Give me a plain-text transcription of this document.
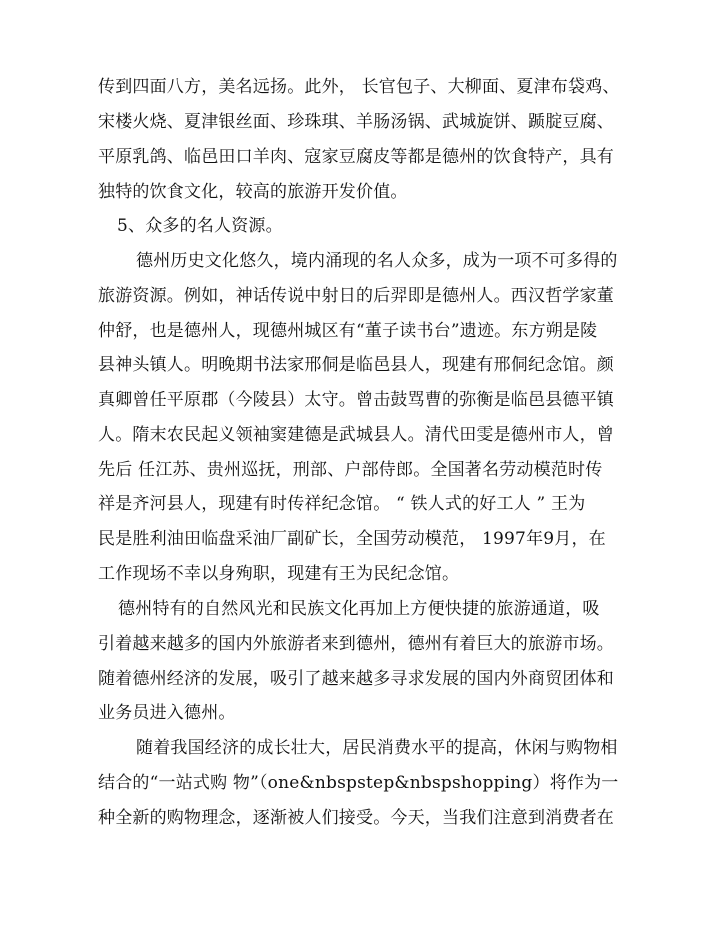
传到四面八方，美名远扬。此外， 长官包子、大柳面、夏津布袋鸡、
宋楼火烧、夏津银丝面、珍珠琪、羊肠汤锅、武城旋饼、踬腚豆腐、
平原乳鸽、临邑田口羊肉、寇家豆腐皮等都是德州的饮食特产，具有
独特的饮食文化，较高的旅游开发价值。
5、众多的名人资源。
德州历史文化悠久，境内涌现的名人众多，成为一项不可多得的
旅游资源。例如，神话传说中射日的后羿即是德州人。西汉哲学家董
仲舒，也是德州人，现德州城区有“董子读书台”遗迹。东方朔是陵
县神头镇人。明晚期书法家邢侗是临邑县人，现建有邢侗纪念馆。颜
真卿曾任平原郡（今陵县）太守。曾击鼓骂曹的弥衡是临邑县德平镇
人。隋末农民起义领袖窦建德是武城县人。清代田雯是德州市人，曾
先后 任江苏、贵州巡抚，刑部、户部侍郎。全国著名劳动模范时传
祥是齐河县人，现建有时传祥纪念馆。 “ 铁人式的好工人 ” 王为
民是胜利油田临盘采油厂副矿长，全国劳动模范， 1997年9月，在
工作现场不幸以身殉职，现建有王为民纪念馆。
德州特有的自然风光和民族文化再加上方便快捷的旅游通道，吸
引着越来越多的国内外旅游者来到德州，德州有着巨大的旅游市场。
随着德州经济的发展，吸引了越来越多寻求发展的国内外商贸团体和
业务员进入德州。
随着我国经济的成长壮大，居民消费水平的提高，休闲与购物相
结合的“一站式购 物”（one&nbspstep&nbspshopping）将作为一
种全新的购物理念，逐渐被人们接受。今天，当我们注意到消费者在
